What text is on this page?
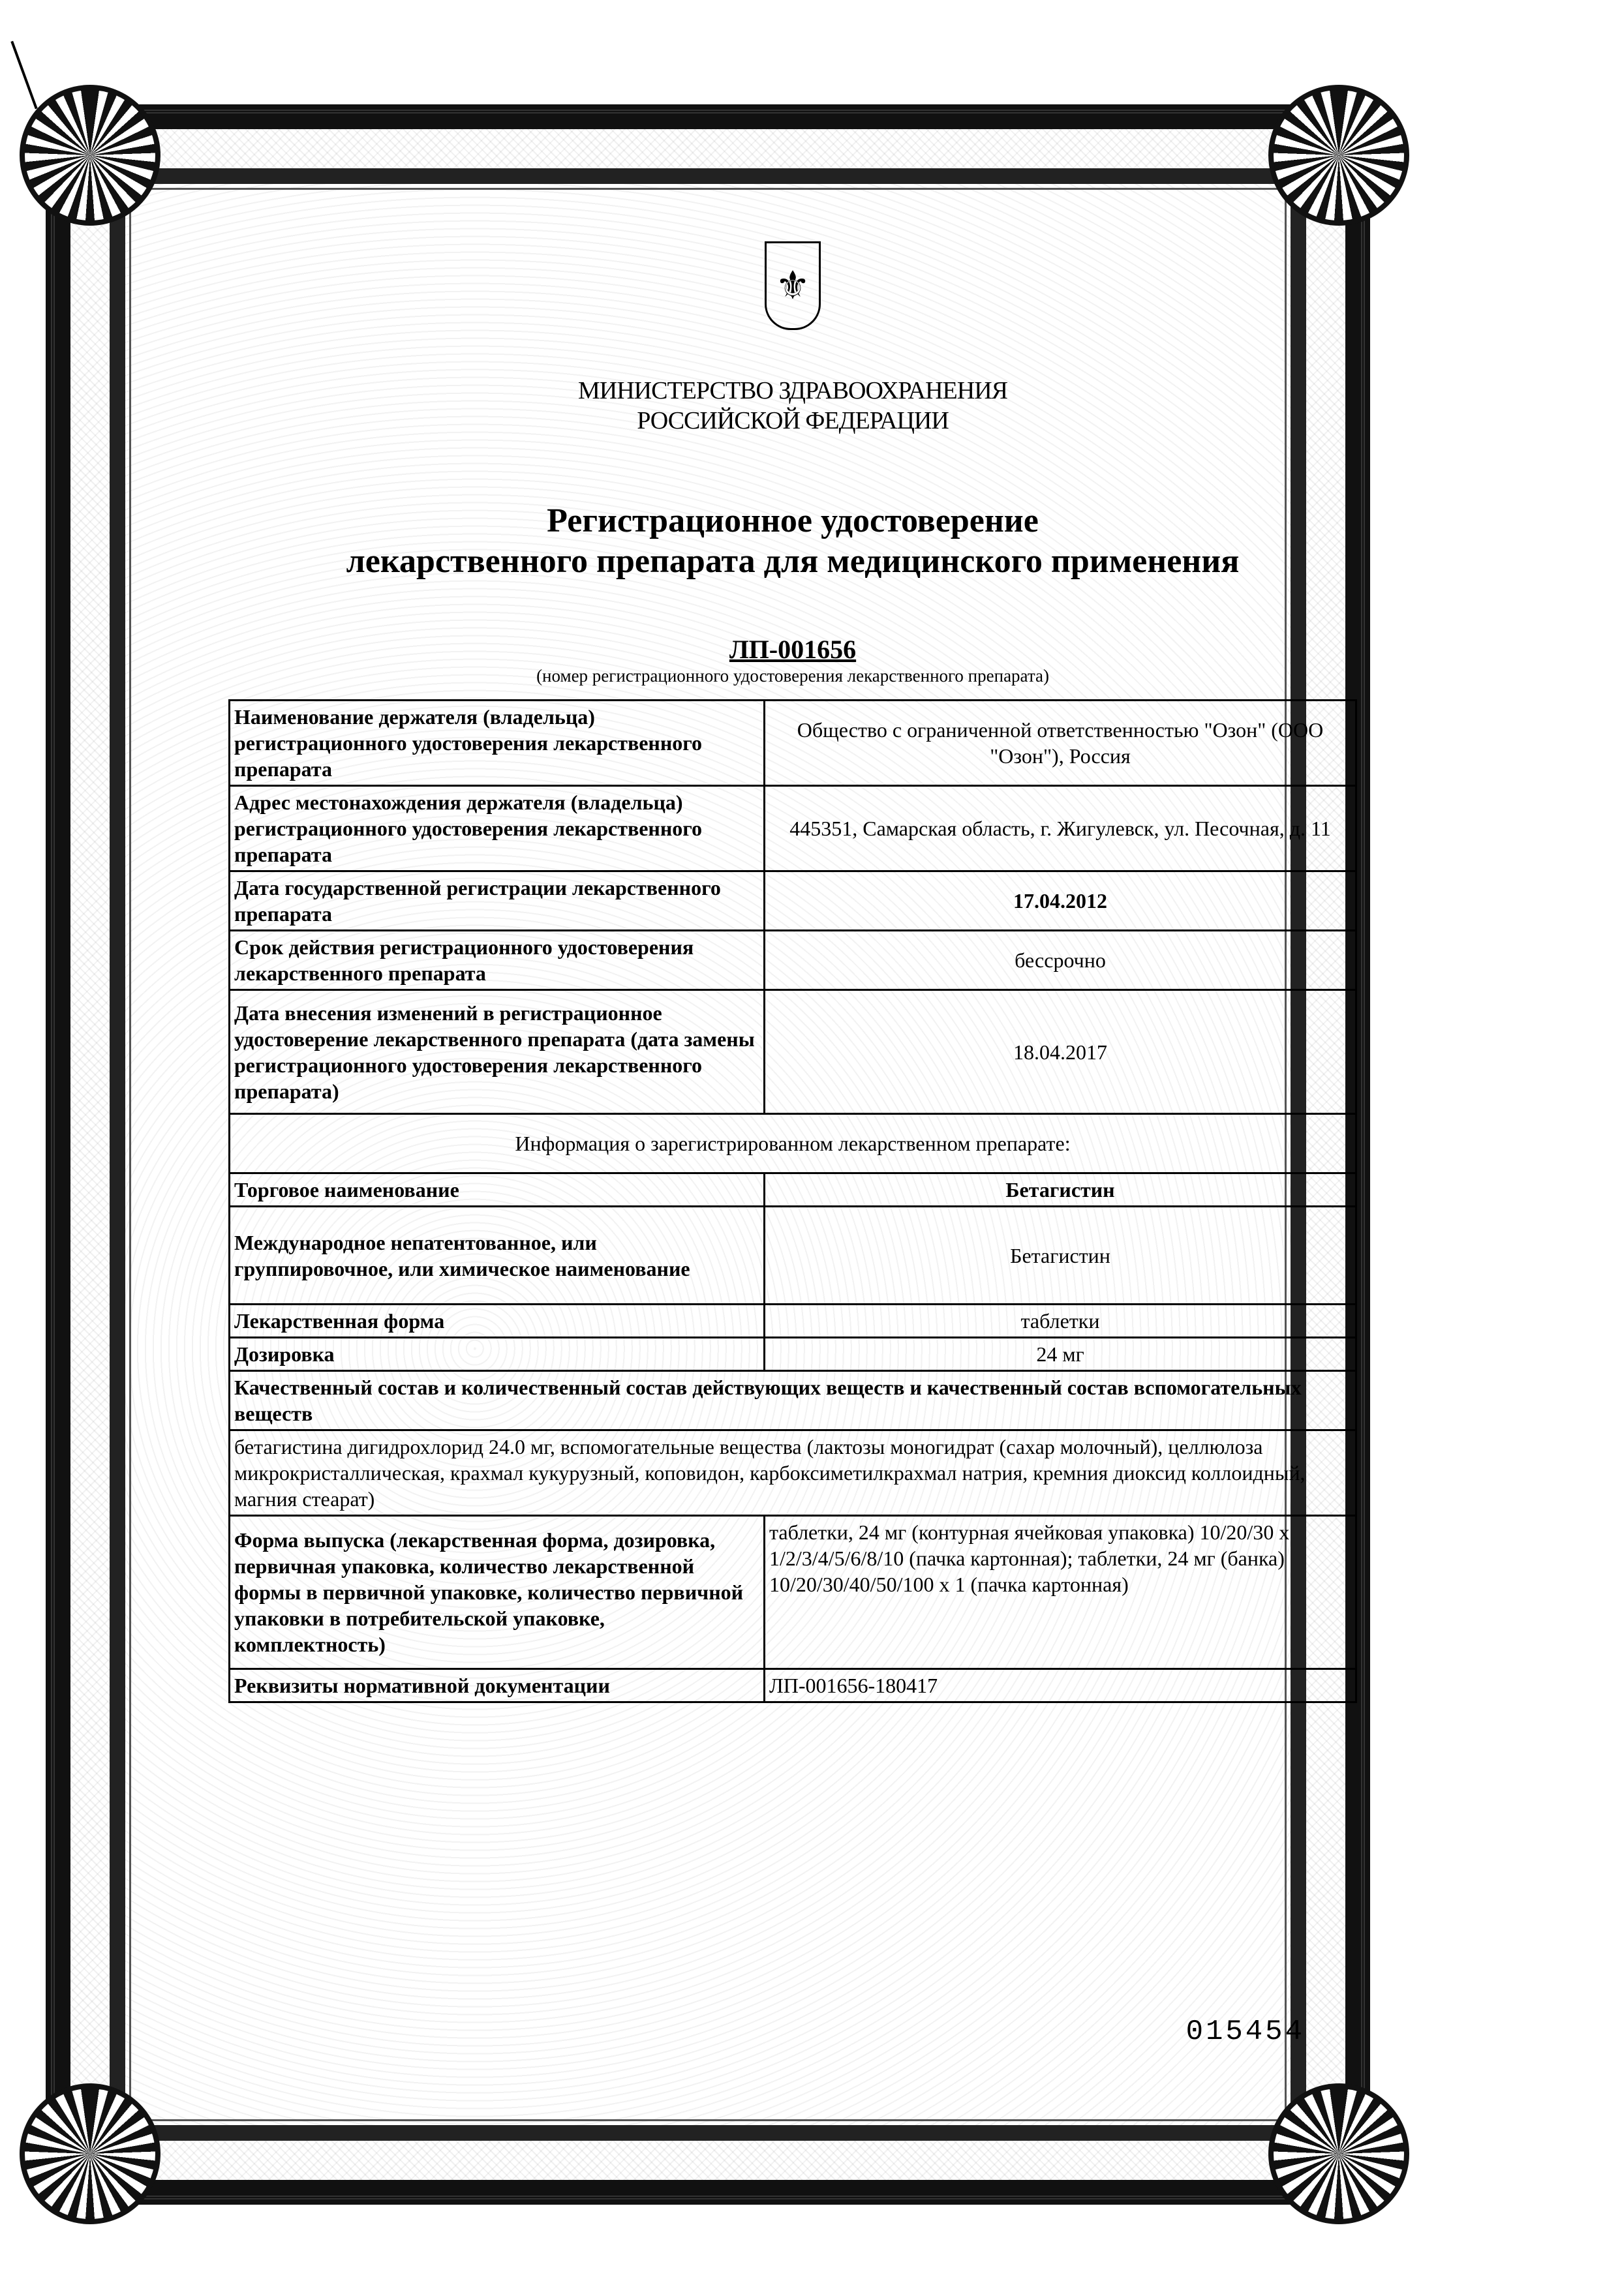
⚜
МИНИСТЕРСТВО ЗДРАВООХРАНЕНИЯ
РОССИЙСКОЙ ФЕДЕРАЦИИ
Регистрационное удостоверение
лекарственного препарата для медицинского применения
ЛП-001656
(номер регистрационного удостоверения лекарственного препарата)
Наименование держателя (владельца) регистрационного удостоверения лекарственного препарата	Общество с ограниченной ответственностью "Озон" (ООО "Озон"), Россия
Адрес местонахождения держателя (владельца) регистрационного удостоверения лекарственного препарата	445351, Самарская область, г. Жигулевск, ул. Песочная, д. 11
Дата государственной регистрации лекарственного препарата	17.04.2012
Срок действия регистрационного удостоверения лекарственного препарата	бессрочно
Дата внесения изменений в регистрационное удостоверение лекарственного препарата (дата замены регистрационного удостоверения лекарственного препарата)	18.04.2017
Информация о зарегистрированном лекарственном препарате:	
Торговое наименование	Бетагистин
Международное непатентованное, или группировочное, или химическое наименование	Бетагистин
Лекарственная форма	таблетки
Дозировка	24 мг
Качественный состав и количественный состав действующих веществ и качественный состав вспомогательных веществ	
бетагистина дигидрохлорид 24.0 мг, вспомогательные вещества (лактозы моногидрат (сахар молочный), целлюлоза микрокристаллическая, крахмал кукурузный, коповидон, карбоксиметилкрахмал натрия, кремния диоксид коллоидный, магния стеарат)	
Форма выпуска (лекарственная форма, дозировка, первичная упаковка, количество лекарственной формы в первичной упаковке, количество первичной упаковки в потребительской упаковке, комплектность)	таблетки, 24 мг (контурная ячейковая упаковка) 10/20/30 х 1/2/3/4/5/6/8/10 (пачка картонная); таблетки, 24 мг (банка) 10/20/30/40/50/100 х 1 (пачка картонная)
Реквизиты нормативной документации	ЛП-001656-180417
015454
